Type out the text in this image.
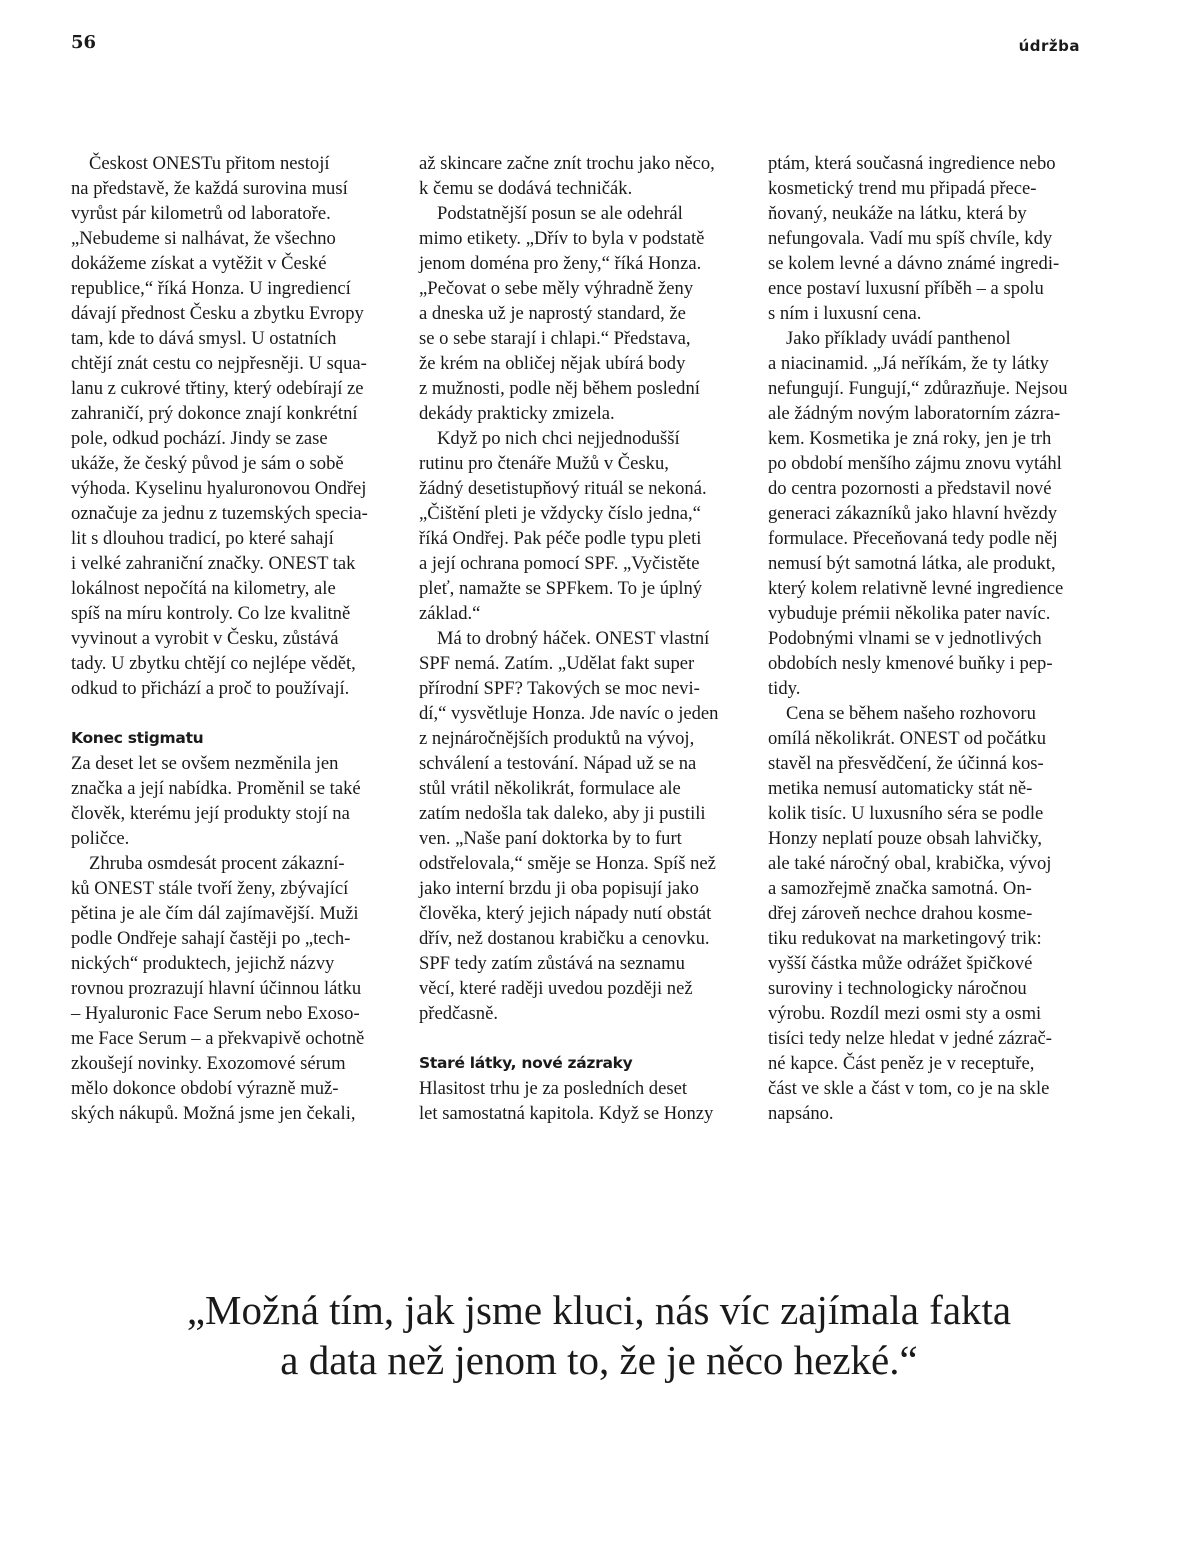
56	údržba
Českost ONESTu přitom nestojí
na představě, že každá surovina musí
vyrůst pár kilometrů od laboratoře.
„Nebudeme si nalhávat, že všechno
dokážeme získat a vytěžit v České
republice,“ říká Honza. U ingrediencí
dávají přednost Česku a zbytku Evropy
tam, kde to dává smysl. U ostatních
chtějí znát cestu co nejpřesněji. U squa-
lanu z cukrové třtiny, který odebírají ze
zahraničí, prý dokonce znají konkrétní
pole, odkud pochází. Jindy se zase
ukáže, že český původ je sám o sobě
výhoda. Kyselinu hyaluronovou Ondřej
označuje za jednu z tuzemských specia-
lit s dlouhou tradicí, po které sahají
i velké zahraniční značky. ONEST tak
lokálnost nepočítá na kilometry, ale
spíš na míru kontroly. Co lze kvalitně
vyvinout a vyrobit v Česku, zůstává
tady. U zbytku chtějí co nejlépe vědět,
odkud to přichází a proč to používají.
Konec stigmatu
Za deset let se ovšem nezměnila jen
značka a její nabídka. Proměnil se také
člověk, kterému její produkty stojí na
poličce.
Zhruba osmdesát procent zákazní-
ků ONEST stále tvoří ženy, zbývající
pětina je ale čím dál zajímavější. Muži
podle Ondřeje sahají častěji po „tech-
nických“ produktech, jejichž názvy
rovnou prozrazují hlavní účinnou látku
– Hyaluronic Face Serum nebo Exoso-
me Face Serum – a překvapivě ochotně
zkoušejí novinky. Exozomové sérum
mělo dokonce období výrazně muž-
ských nákupů. Možná jsme jen čekali,
až skincare začne znít trochu jako něco,
k čemu se dodává techničák.
Podstatnější posun se ale odehrál
mimo etikety. „Dřív to byla v podstatě
jenom doména pro ženy,“ říká Honza.
„Pečovat o sebe měly výhradně ženy
a dneska už je naprostý standard, že
se o sebe starají i chlapi.“ Představa,
že krém na obličej nějak ubírá body
z mužnosti, podle něj během poslední
dekády prakticky zmizela.
Když po nich chci nejjednodušší
rutinu pro čtenáře Mužů v Česku,
žádný desetistupňový rituál se nekoná.
„Čištění pleti je vždycky číslo jedna,“
říká Ondřej. Pak péče podle typu pleti
a její ochrana pomocí SPF. „Vyčistěte
pleť, namažte se SPFkem. To je úplný
základ.“
Má to drobný háček. ONEST vlastní
SPF nemá. Zatím. „Udělat fakt super
přírodní SPF? Takových se moc nevi-
dí,“ vysvětluje Honza. Jde navíc o jeden
z nejnáročnějších produktů na vývoj,
schválení a testování. Nápad už se na
stůl vrátil několikrát, formulace ale
zatím nedošla tak daleko, aby ji pustili
ven. „Naše paní doktorka by to furt
odstřelovala,“ směje se Honza. Spíš než
jako interní brzdu ji oba popisují jako
člověka, který jejich nápady nutí obstát
dřív, než dostanou krabičku a cenovku.
SPF tedy zatím zůstává na seznamu
věcí, které raději uvedou později než
předčasně.
Staré látky, nové zázraky
Hlasitost trhu je za posledních deset
let samostatná kapitola. Když se Honzy
ptám, která současná ingredience nebo
kosmetický trend mu připadá přece-
ňovaný, neukáže na látku, která by
nefungovala. Vadí mu spíš chvíle, kdy
se kolem levné a dávno známé ingredi-
ence postaví luxusní příběh – a spolu
s ním i luxusní cena.
Jako příklady uvádí panthenol
a niacinamid. „Já neříkám, že ty látky
nefungují. Fungují,“ zdůrazňuje. Nejsou
ale žádným novým laboratorním zázra-
kem. Kosmetika je zná roky, jen je trh
po období menšího zájmu znovu vytáhl
do centra pozornosti a představil nové
generaci zákazníků jako hlavní hvězdy
formulace. Přeceňovaná tedy podle něj
nemusí být samotná látka, ale produkt,
který kolem relativně levné ingredience
vybuduje prémii několika pater navíc.
Podobnými vlnami se v jednotlivých
obdobích nesly kmenové buňky i pep-
tidy.
Cena se během našeho rozhovoru
omílá několikrát. ONEST od počátku
stavěl na přesvědčení, že účinná kos-
metika nemusí automaticky stát ně-
kolik tisíc. U luxusního séra se podle
Honzy neplatí pouze obsah lahvičky,
ale také náročný obal, krabička, vývoj
a samozřejmě značka samotná. On-
dřej zároveň nechce drahou kosme-
tiku redukovat na marketingový trik:
vyšší částka může odrážet špičkové
suroviny i technologicky náročnou
výrobu. Rozdíl mezi osmi sty a osmi
tisíci tedy nelze hledat v jedné zázrač-
né kapce. Část peněz je v receptuře,
část ve skle a část v tom, co je na skle
napsáno.
„Možná tím, jak jsme kluci, nás víc zajímala fakta
a data než jenom to, že je něco hezké.“
